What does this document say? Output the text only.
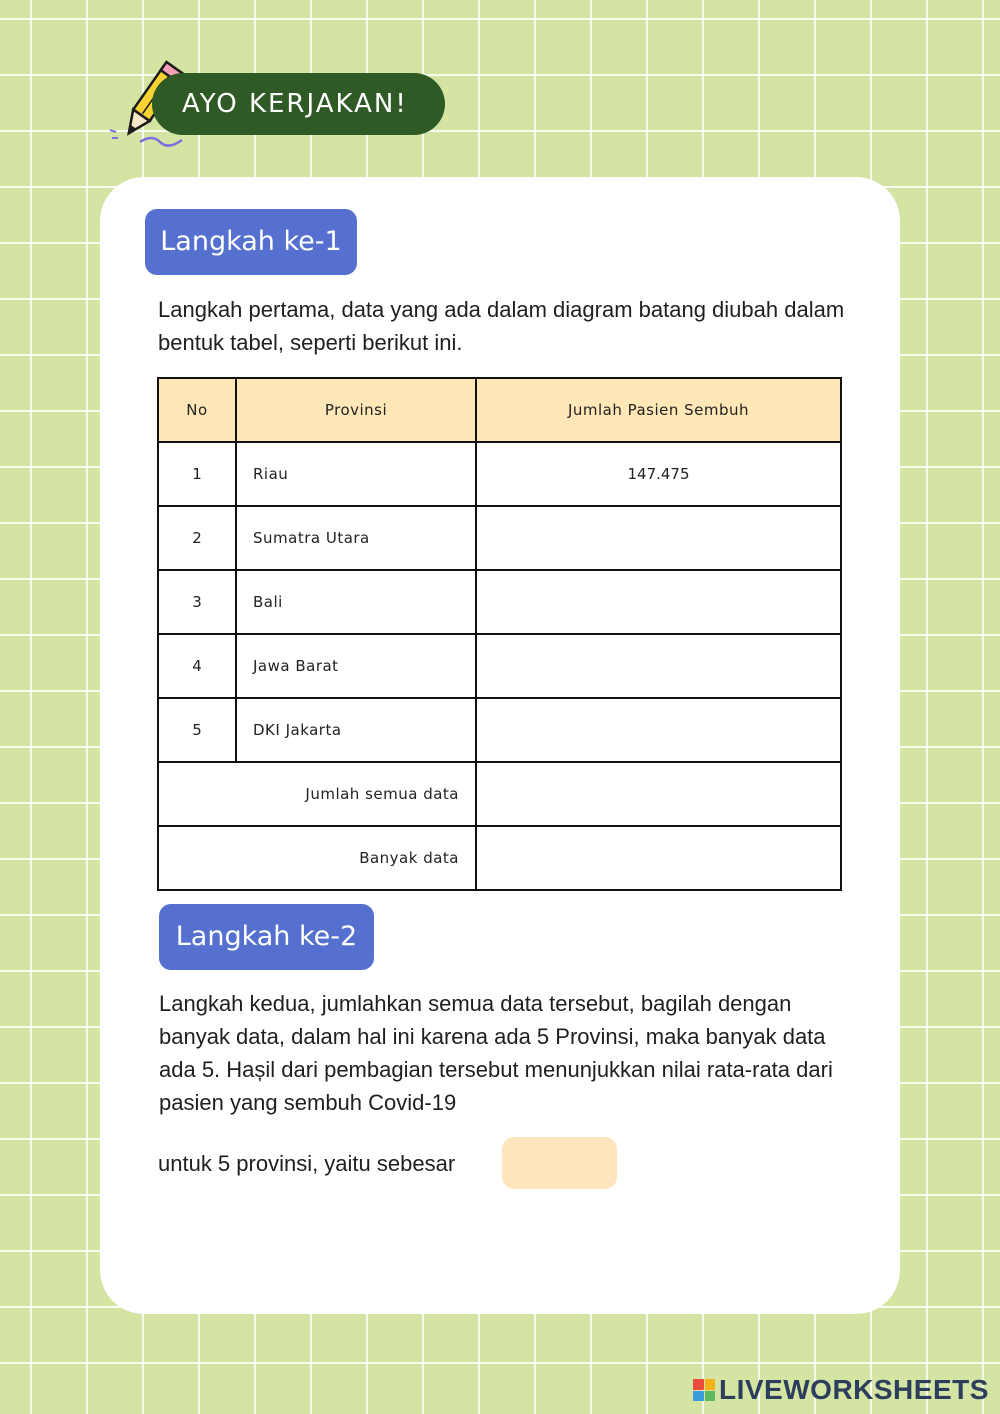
AYO KERJAKAN!
Langkah ke-1
Langkah pertama, data yang ada dalam diagram batang diubah dalam bentuk tabel, seperti berikut ini.
No	Provinsi	Jumlah Pasien Sembuh
1	Riau	147.475
2	Sumatra Utara	
3	Bali	
4	Jawa Barat	
5	DKI Jakarta	
Jumlah semua data		
Banyak data		
Langkah ke-2
Langkah kedua, jumlahkan semua data tersebut, bagilah dengan banyak data, dalam hal ini karena ada 5 Provinsi, maka banyak data ada 5. Hașil dari pembagian tersebut menunjukkan nilai rata-rata dari pasien yang sembuh Covid-19
untuk 5 provinsi, yaitu sebesar
LIVEWORKSHEETS
